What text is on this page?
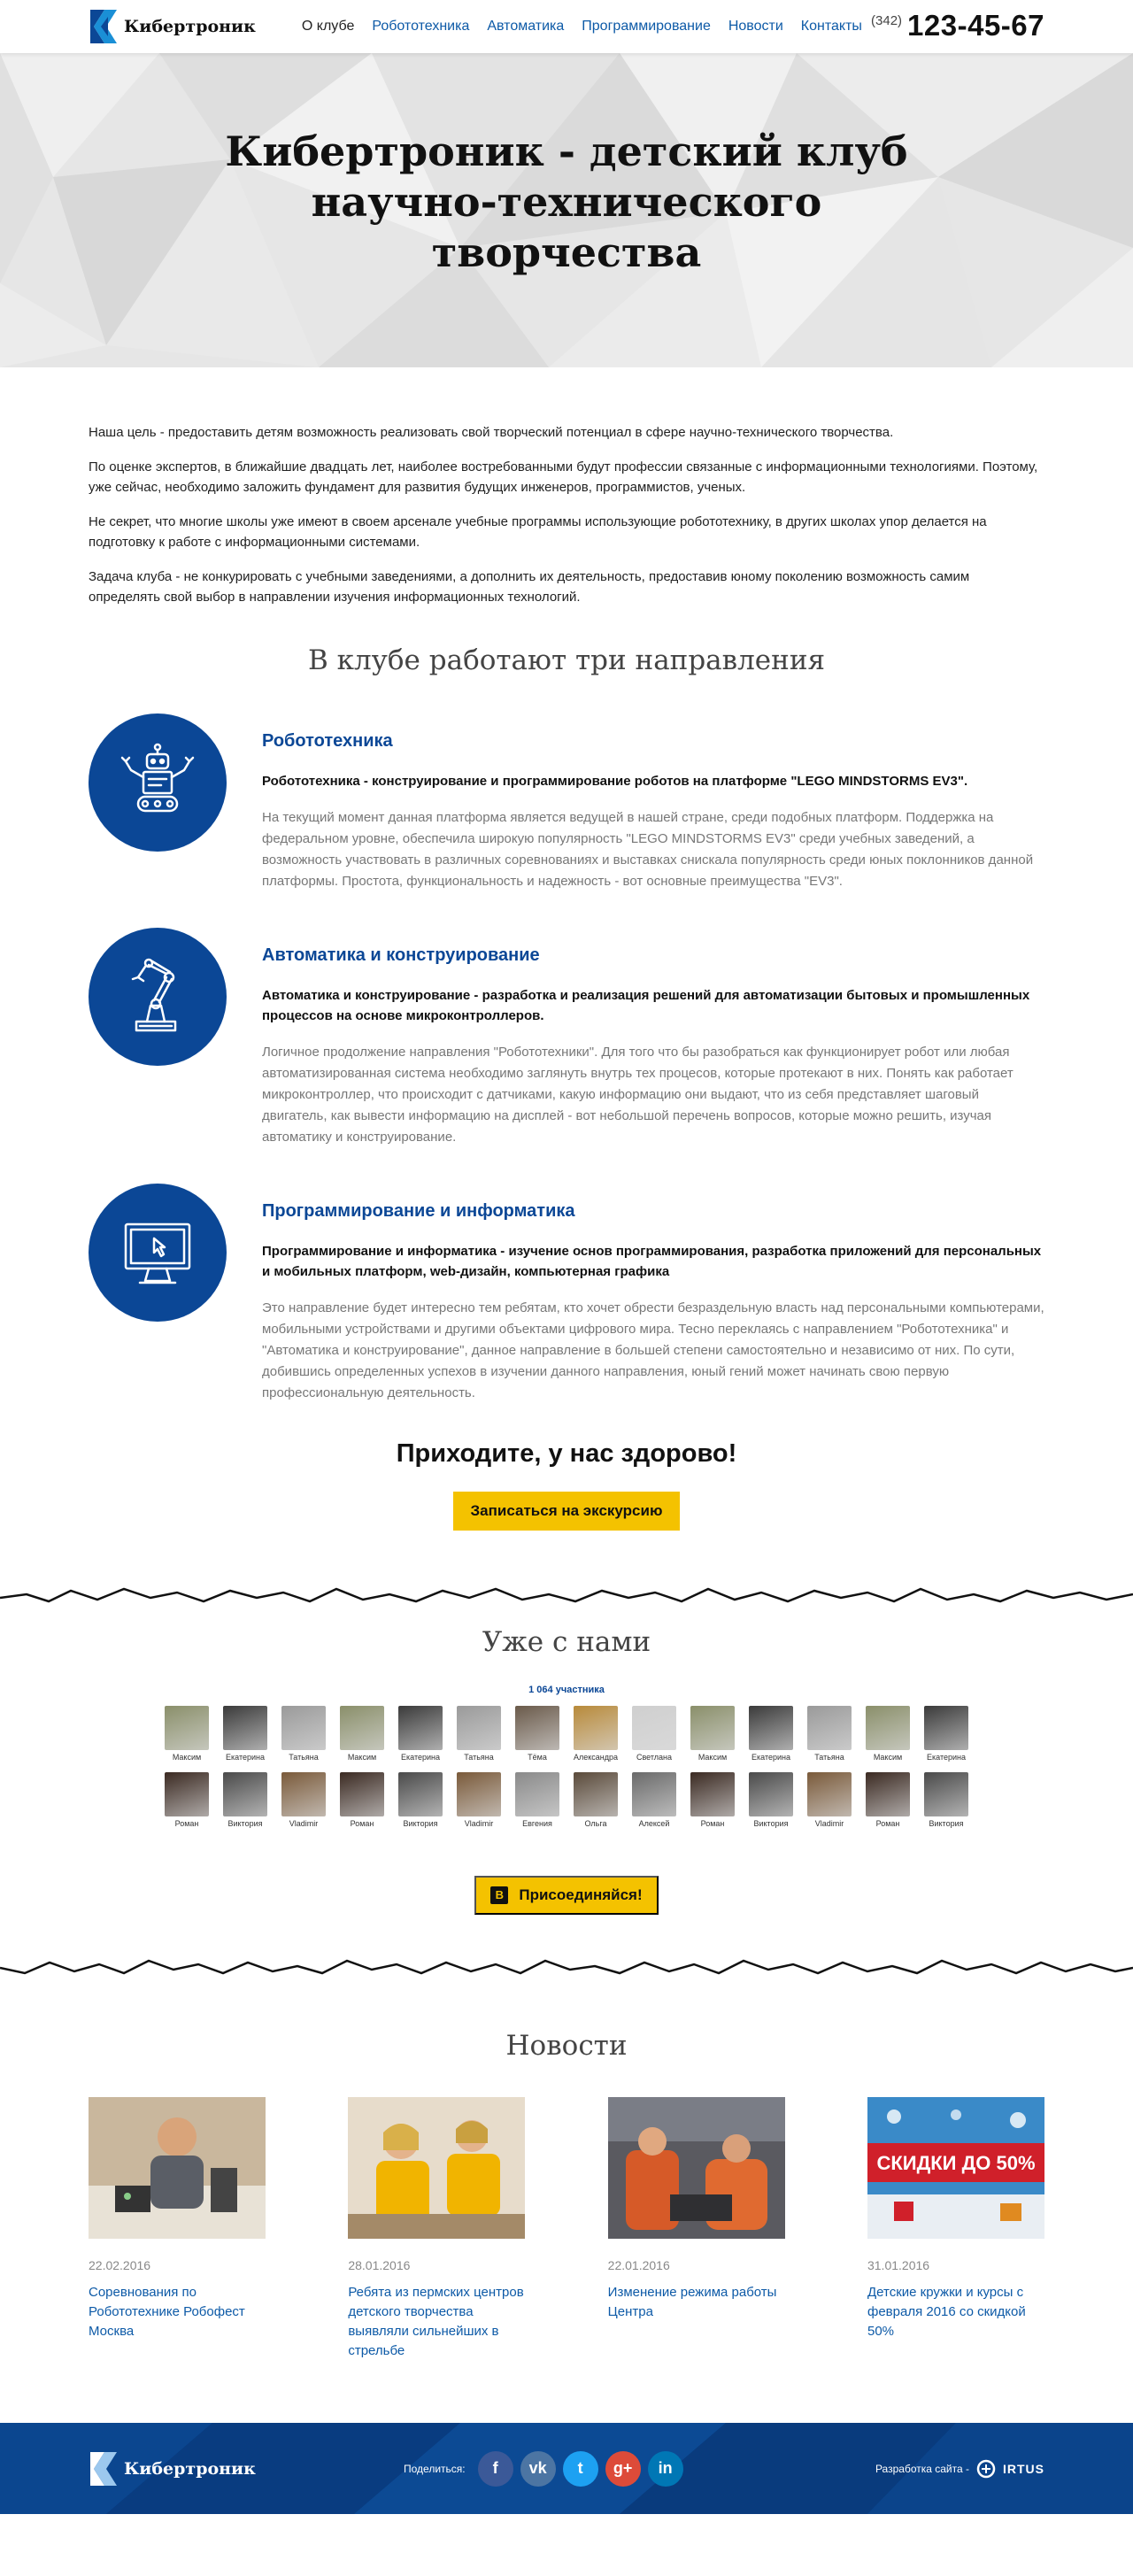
Кибертроник	О клубе	Робототехника	Автоматика	Программирование	Новости	Контакты (342) 123-45-67
Кибертроник - детский клуб
научно-технического
творчества

Наша цель - предоставить детям возможность реализовать свой творческий потенциал в сфере научно-технического творчества.

По оценке экспертов, в ближайшие двадцать лет, наиболее востребованными будут профессии связанные с информационными технологиями. Поэтому, уже сейчас, необходимо заложить фундамент для развития будущих инженеров, программистов, ученых.

Не секрет, что многие школы уже имеют в своем арсенале учебные программы использующие робототехнику, в других школах упор делается на подготовку к работе с информационными системами.

Задача клуба - не конкурировать с учебными заведениями, а дополнить их деятельность, предоставив юному поколению возможность самим определять свой выбор в направлении изучения информационных технологий.

В клубе работают три направления
Робототехника

Робототехника - конструирование и программирование роботов на платформе "LEGO MINDSTORMS EV3".

На текущий момент данная платформа является ведущей в нашей стране, среди подобных платформ. Поддержка на федеральном уровне, обеспечила широкую популярность "LEGO MINDSTORMS EV3" среди учебных заведений, а возможность участвовать в различных соревнованиях и выставках снискала популярность среди юных поклонников данной платформы. Простота, функциональность и надежность - вот основные преимущества "EV3".

Автоматика и конструирование

Автоматика и конструирование - разработка и реализация решений для автоматизации бытовых и промышленных процессов на основе микроконтроллеров.

Логичное продолжение направления "Робототехники". Для того что бы разобраться как функционирует робот или любая автоматизированная система необходимо заглянуть внутрь тех процесов, которые протекают в них. Понять как работает микроконтроллер, что происходит с датчиками, какую информацию они выдают, что из себя представляет шаговый двигатель, как вывести информацию на дисплей - вот небольшой перечень вопросов, которые можно решить, изучая автоматику и конструирование.

Программирование и информатика

Программирование и информатика - изучение основ программирования, разработка приложений для персональных и мобильных платформ, web-дизайн, компьютерная графика

Это направление будет интересно тем ребятам, кто хочет обрести безраздельную власть над персональными компьютерами, мобильными устройствами и другими объектами цифрового мира. Тесно переклаясь с направлением "Робототехника" и "Автоматика и конструирование", данное направление в большей степени самостоятельно и независимо от них. По сути, добившись определенных успехов в изучении данного направления, юный гений может начинать свою первую профессиональную деятельность.

Приходите, у нас здорово!
Записаться на экскурсию
Уже с нами
1 064 участника
Максим	Екатерина	Татьяна	Максим	Екатерина	Татьяна	Тёма	Александра	Светлана	Максим	Екатерина	Татьяна	Максим	Екатерина
Роман	Виктория	Vladimir	Роман	Виктория	Vladimir	Евгения	Ольга	Алексей	Роман	Виктория	Vladimir	Роман	Виктория
В	Присоединяйся!
Новости
22.02.2016
Соревнования по Робототехнике Робофест Москва
28.01.2016
Ребята из пермских центров детского творчества выявляли сильнейших в стрельбе
22.01.2016
Изменение режима работы Центра
СКИДКИ ДО 50%
31.01.2016
Детские кружки и курсы с февраля 2016 со скидкой 50%
Кибертроник	Поделиться:	f	vk	t	g+	in	Разработка сайта -	IRTUS
